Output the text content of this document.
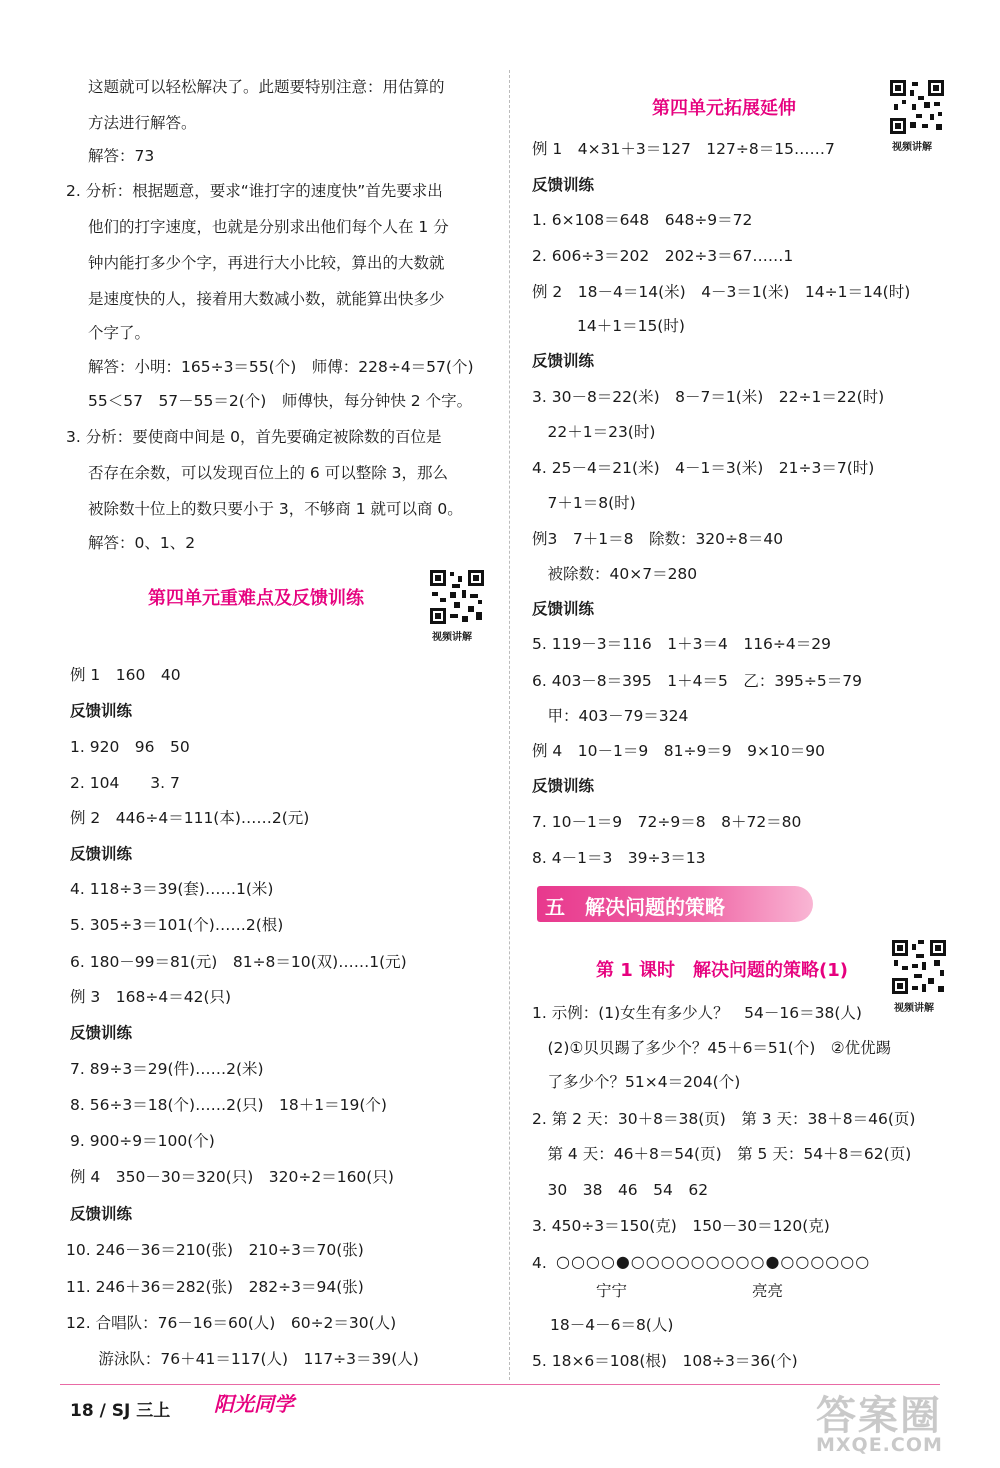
这题就可以轻松解决了。此题要特别注意：用估算的
方法进行解答。
解答：73
2. 分析：根据题意，要求“谁打字的速度快”首先要求出
他们的打字速度，也就是分别求出他们每个人在 1 分
钟内能打多少个字，再进行大小比较，算出的大数就
是速度快的人，接着用大数减小数，就能算出快多少
个字了。
解答：小明：165÷3＝55(个)　师傅：228÷4＝57(个)
55＜57　57－55＝2(个)　师傅快，每分钟快 2 个字。
3. 分析：要使商中间是 0，首先要确定被除数的百位是
否存在余数，可以发现百位上的 6 可以整除 3，那么
被除数十位上的数只要小于 3，不够商 1 就可以商 0。
解答：0、1、2
第四单元重难点及反馈训练
视频讲解
例 1　160　40
反馈训练
1. 920　96　50
2. 104　　3. 7
例 2　446÷4＝111(本)……2(元)
反馈训练
4. 118÷3＝39(套)……1(米)
5. 305÷3＝101(个)……2(根)
6. 180－99＝81(元)　81÷8＝10(双)……1(元)
例 3　168÷4＝42(只)
反馈训练
7. 89÷3＝29(件)……2(米)
8. 56÷3＝18(个)……2(只)　18＋1＝19(个)
9. 900÷9＝100(个)
例 4　350－30＝320(只)　320÷2＝160(只)
反馈训练
10. 246－36＝210(张)　210÷3＝70(张)
11. 246＋36＝282(张)　282÷3＝94(张)
12. 合唱队：76－16＝60(人)　60÷2＝30(人)
　 游泳队：76＋41＝117(人)　117÷3＝39(人)
第四单元拓展延伸
视频讲解
例 1　4×31＋3＝127　127÷8＝15……7
反馈训练
1. 6×108＝648　648÷9＝72
2. 606÷3＝202　202÷3＝67……1
例 2　18－4＝14(米)　4－3＝1(米)　14÷1＝14(时)
　　14＋1＝15(时)
反馈训练
3. 30－8＝22(米)　8－7＝1(米)　22÷1＝22(时)
　22＋1＝23(时)
4. 25－4＝21(米)　4－1＝3(米)　21÷3＝7(时)
　7＋1＝8(时)
例3　7＋1＝8　除数：320÷8＝40
　被除数：40×7＝280
反馈训练
5. 119－3＝116　1＋3＝4　116÷4＝29
6. 403－8＝395　1＋4＝5　乙：395÷5＝79
　甲：403－79＝324
例 4　10－1＝9　81÷9＝9　9×10＝90
反馈训练
7. 10－1＝9　72÷9＝8　8＋72＝80
8. 4－1＝3　39÷3＝13
五　解决问题的策略
第 1 课时　解决问题的策略(1)
视频讲解
1. 示例：(1)女生有多少人？　54－16＝38(人)
　(2)①贝贝踢了多少个？45＋6＝51(个)　②优优踢
　了多少个？51×4＝204(个)
2. 第 2 天：30＋8＝38(页)　第 3 天：38＋8＝46(页)
　第 4 天：46＋8＝54(页)　第 5 天：54＋8＝62(页)
　30　38　46　54　62
3. 450÷3＝150(克)　150－30＝120(克)
4. ○○○○●○○○○○○○○○●○○○○○○
宁宁	亮亮
18－4－6＝8(人)
5. 18×6＝108(根)　108÷3＝36(个)
18 / SJ 三上 阳光同学	答案圈
MXQE.COM
